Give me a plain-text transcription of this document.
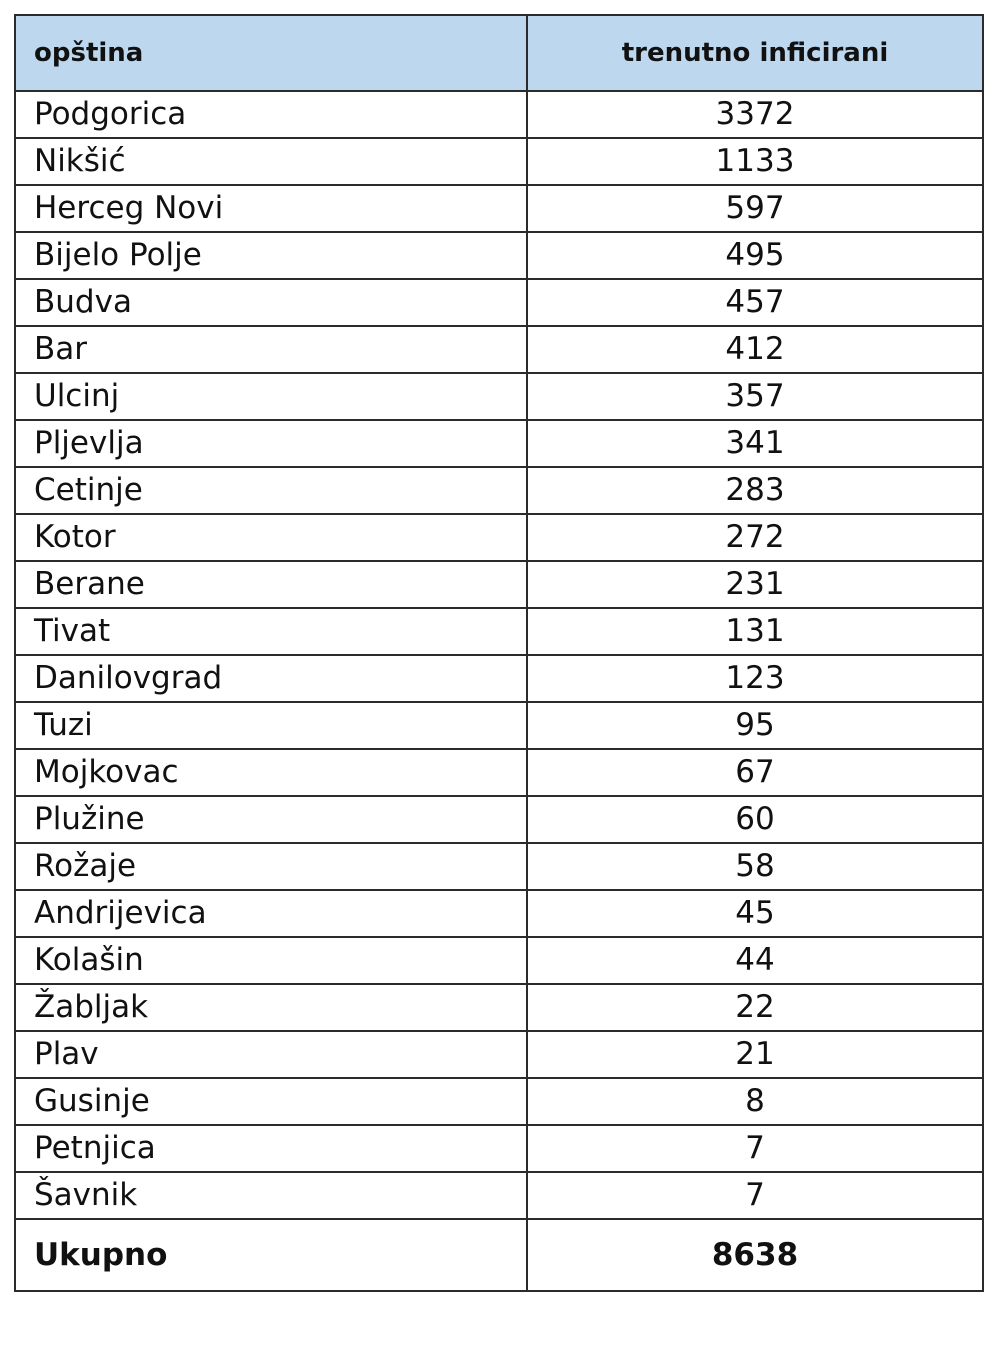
opština	trenutno inficirani
Podgorica	3372
Nikšić	1133
Herceg Novi	597
Bijelo Polje	495
Budva	457
Bar	412
Ulcinj	357
Pljevlja	341
Cetinje	283
Kotor	272
Berane	231
Tivat	131
Danilovgrad	123
Tuzi	95
Mojkovac	67
Plužine	60
Rožaje	58
Andrijevica	45
Kolašin	44
Žabljak	22
Plav	21
Gusinje	8
Petnjica	7
Šavnik	7
Ukupno	8638
